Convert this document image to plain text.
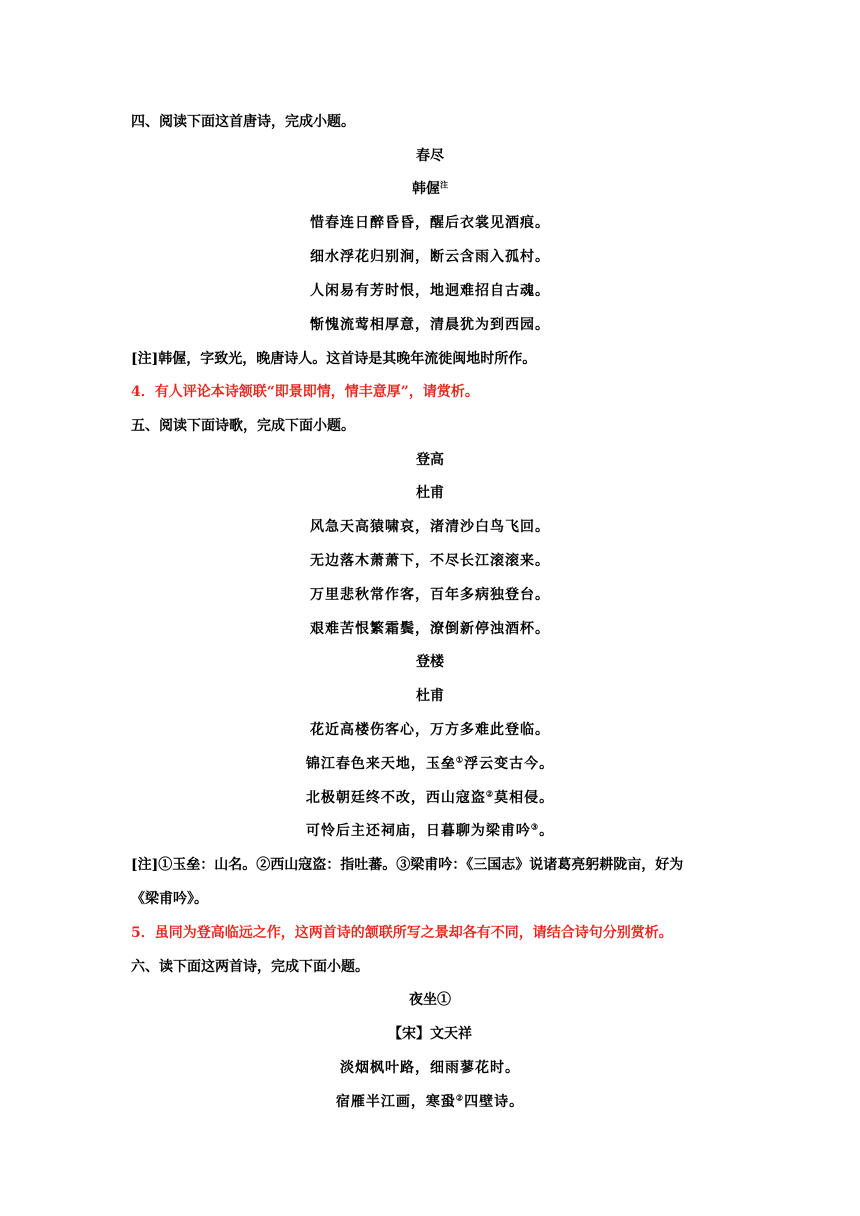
四、阅读下面这首唐诗，完成小题。
春尽
韩偓$^注$
惜春连日醉昏昏，醒后衣裳见酒痕。
细水浮花归别涧，断云含雨入孤村。
人闲易有芳时恨，地迥难招自古魂。
惭愧流莺相厚意，清晨犹为到西园。
[注]韩偓，字致光，晚唐诗人。这首诗是其晚年流徙闽地时所作。
4．有人评论本诗颔联“即景即情，情丰意厚”，请赏析。
五、阅读下面诗歌，完成下面小题。
登高
杜甫
风急天高猿啸哀，渚清沙白鸟飞回。
无边落木萧萧下，不尽长江滚滚来。
万里悲秋常作客，百年多病独登台。
艰难苦恨繁霜鬓，潦倒新停浊酒杯。
登楼
杜甫
花近高楼伤客心，万方多难此登临。
锦江春色来天地，玉垒①浮云变古今。
北极朝廷终不改，西山寇盗②莫相侵。
可怜后主还祠庙，日暮聊为梁甫吟③。
[注]①玉垒：山名。②西山寇盗：指吐蕃。③梁甫吟：《三国志》说诸葛亮躬耕陇亩，好为
《梁甫吟》。
5．虽同为登高临远之作，这两首诗的颔联所写之景却各有不同，请结合诗句分别赏析。
六、读下面这两首诗，完成下面小题。
夜坐①
【宋】文天祥
淡烟枫叶路，细雨蓼花时。
宿雁半江画，寒蛩②四壁诗。
